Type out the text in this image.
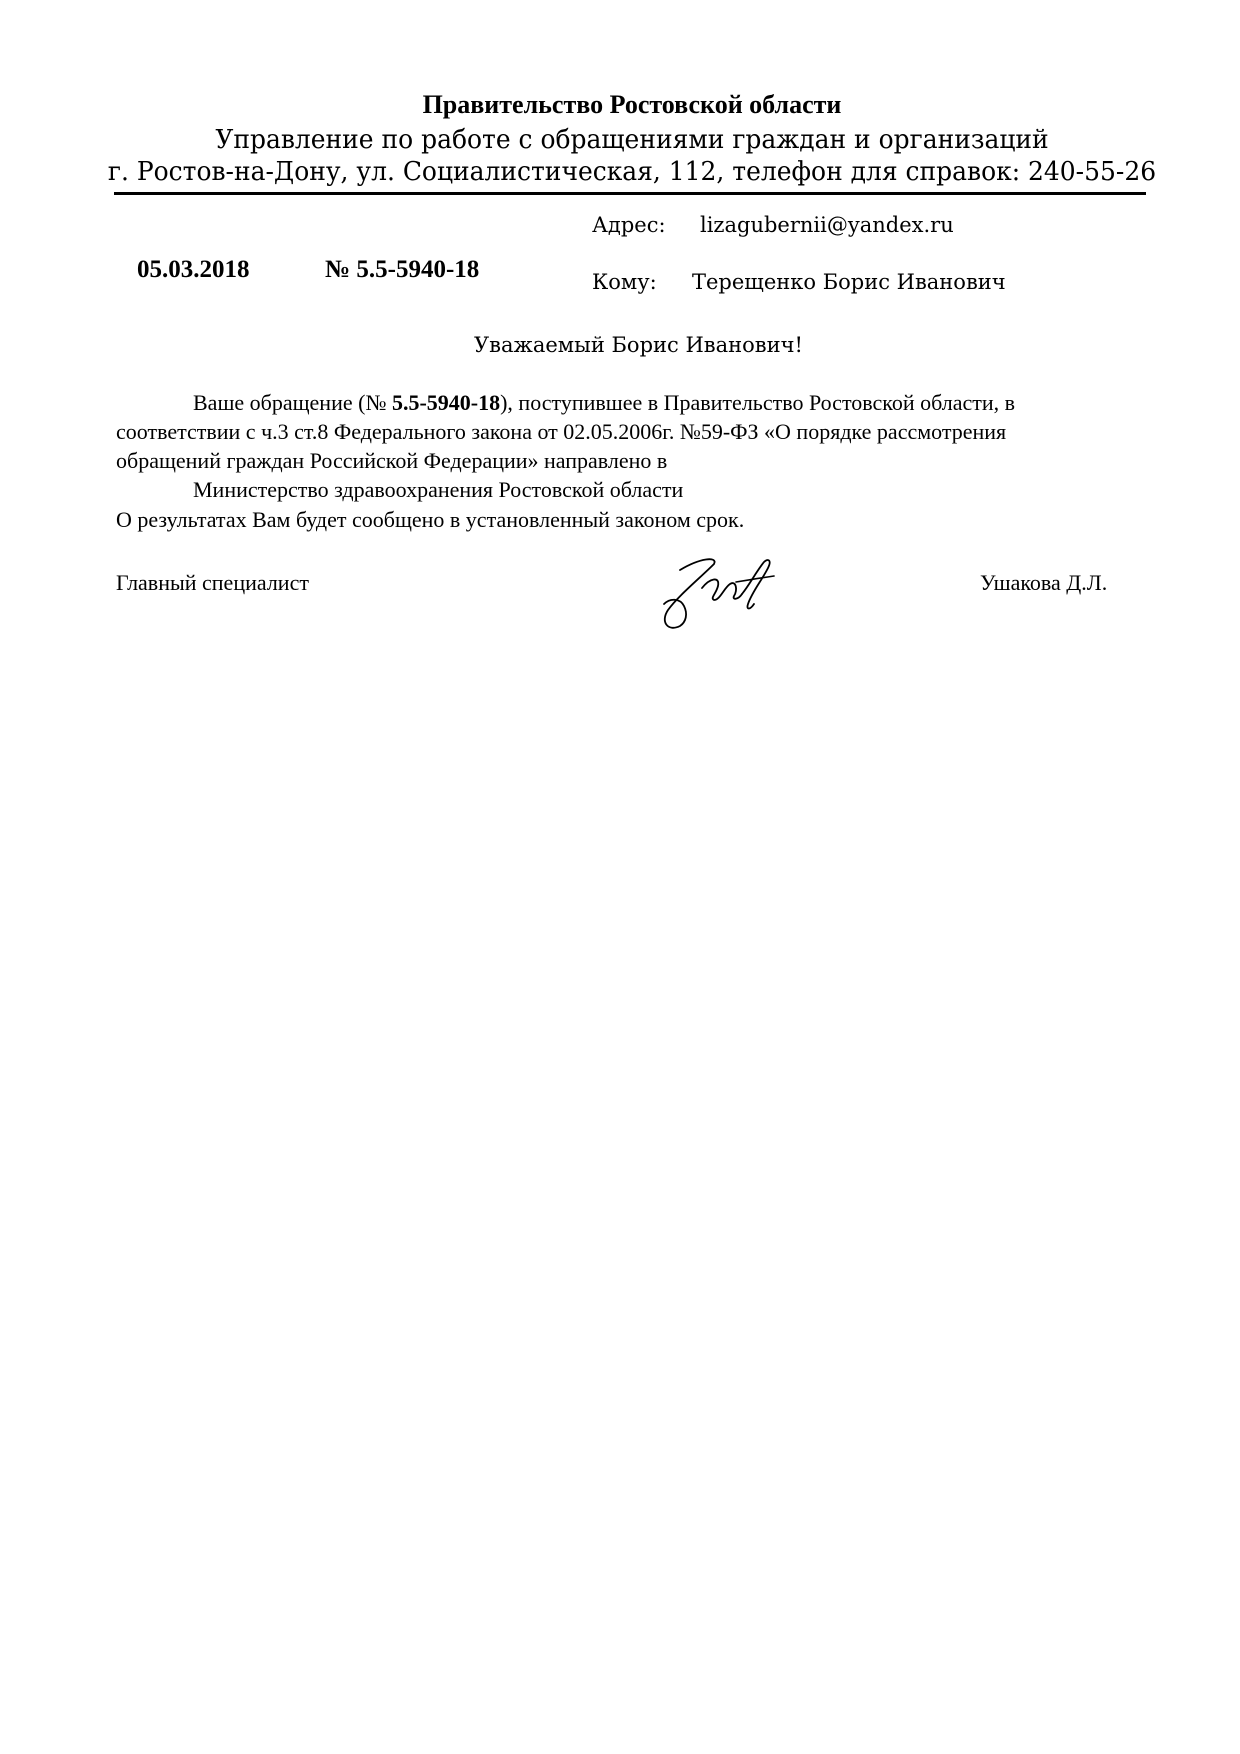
Правительство Ростовской области
Управление по работе с обращениями граждан и организаций
г. Ростов-на-Дону, ул. Социалистическая, 112, телефон для справок: 240-55-26
Адрес: lizagubernii@yandex.ru
05.03.2018	№ 5.5-5940-18	Кому: Терещенко Борис Иванович
Уважаемый Борис Иванович!
Ваше обращение (№ 5.5-5940-18), поступившее в Правительство Ростовской области, в
соответствии с ч.3 ст.8 Федерального закона от 02.05.2006г. №59-ФЗ «О порядке рассмотрения
обращений граждан Российской Федерации» направлено в
Министерство здравоохранения Ростовской области
О результатах Вам будет сообщено в установленный законом срок.
Главный специалист	Ушакова Д.Л.
